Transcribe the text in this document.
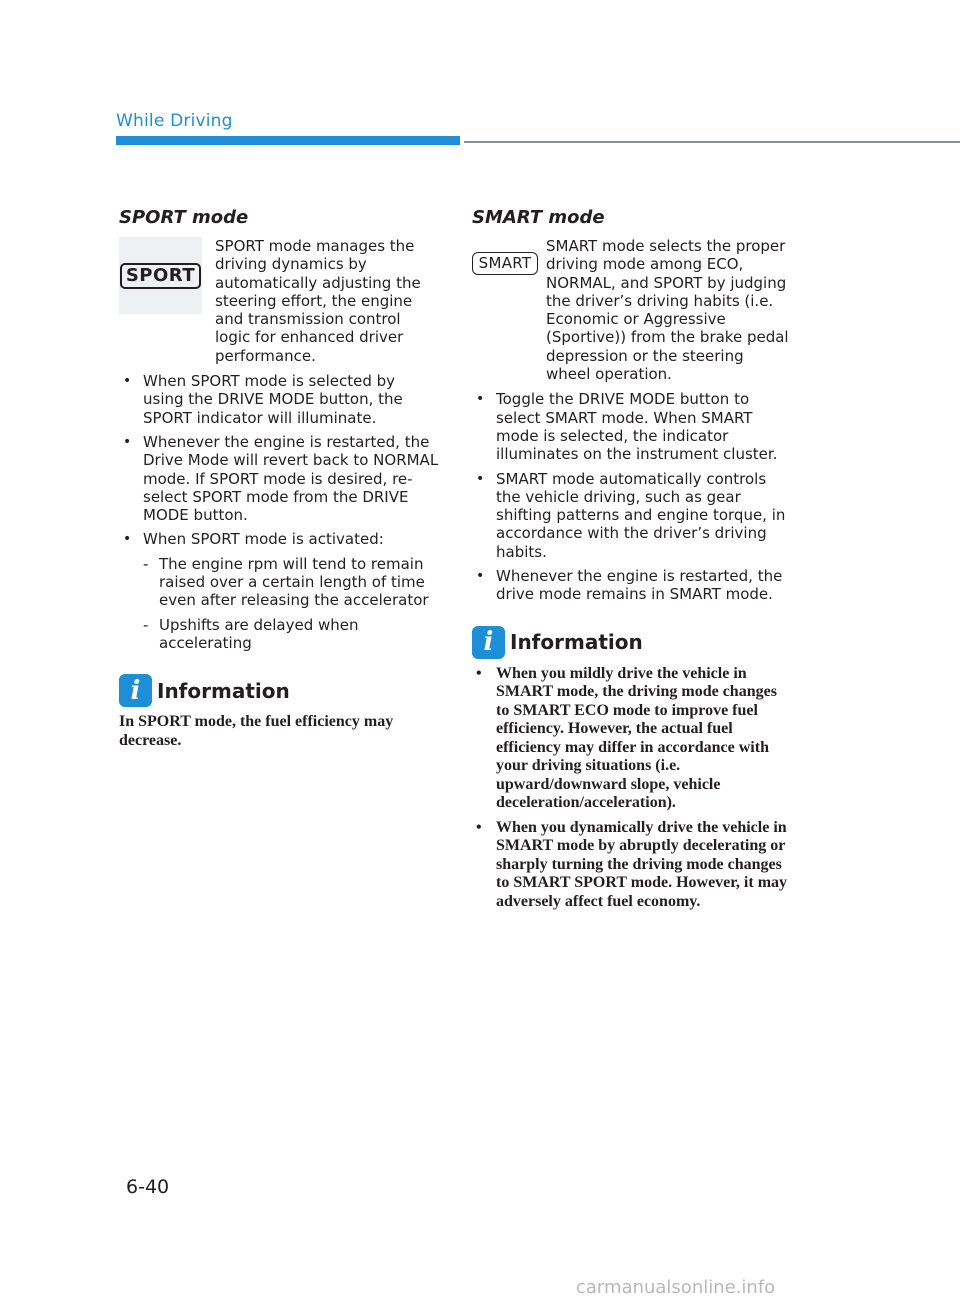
While Driving
SPORT mode
SPORT
SPORT mode manages the driving dynamics by automatically adjusting the steering effort, the engine and transmission control logic for enhanced driver performance.
• When SPORT mode is selected by using the DRIVE MODE button, the SPORT indicator will illuminate.
• Whenever the engine is restarted, the Drive Mode will revert back to NORMAL mode. If SPORT mode is desired, re-select SPORT mode from the DRIVE MODE button.
• When SPORT mode is activated:
- The engine rpm will tend to remain raised over a certain length of time even after releasing the accelerator
- Upshifts are delayed when accelerating
i Information
In SPORT mode, the fuel efficiency may decrease.
SMART mode
SMART
SMART mode selects the proper driving mode among ECO, NORMAL, and SPORT by judging the driver’s driving habits (i.e. Economic or Aggressive (Sportive)) from the brake pedal depression or the steering wheel operation.
• Toggle the DRIVE MODE button to select SMART mode. When SMART mode is selected, the indicator illuminates on the instrument cluster.
• SMART mode automatically controls the vehicle driving, such as gear shifting patterns and engine torque, in accordance with the driver’s driving habits.
• Whenever the engine is restarted, the drive mode remains in SMART mode.
i Information
• When you mildly drive the vehicle in SMART mode, the driving mode changes to SMART ECO mode to improve fuel efficiency. However, the actual fuel efficiency may differ in accordance with your driving situations (i.e. upward/downward slope, vehicle deceleration/acceleration).
• When you dynamically drive the vehicle in SMART mode by abruptly decelerating or sharply turning the driving mode changes to SMART SPORT mode. However, it may adversely affect fuel economy.
6-40
carmanualsonline.info
